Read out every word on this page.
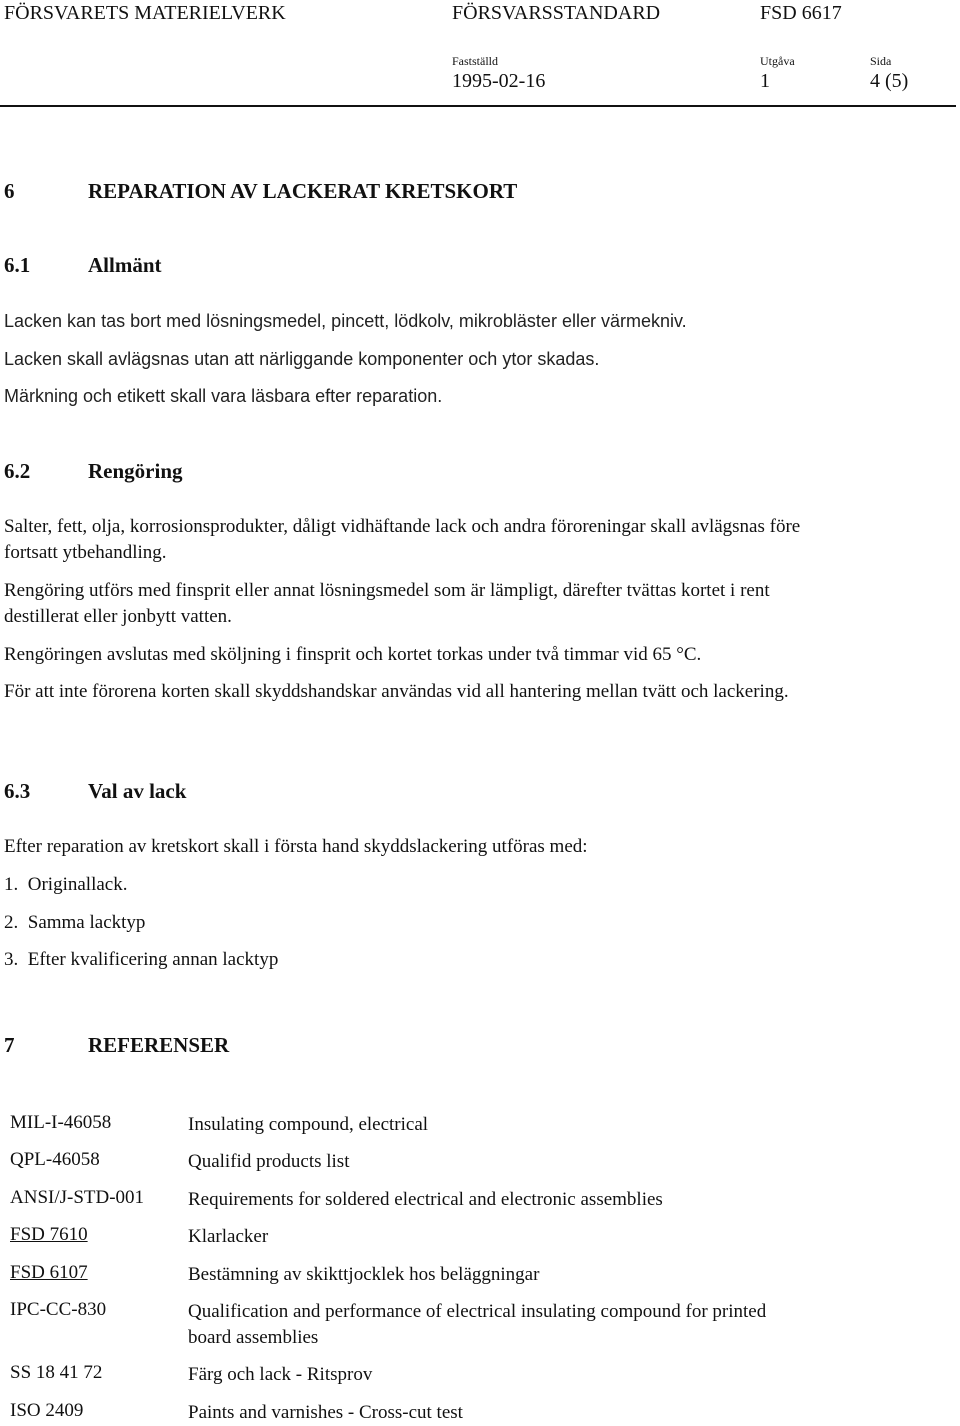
FÖRSVARETS MATERIELVERK	FÖRSVARSSTANDARD	FSD 6617
Fastställd	Utgåva	Sida
1995-02-16	1	4 (5)
6	REPARATION AV LACKERAT KRETSKORT
6.1	Allmänt
Lacken kan tas bort med lösningsmedel, pincett, lödkolv, mikrobläster eller värmekniv.
Lacken skall avlägsnas utan att närliggande komponenter och ytor skadas.
Märkning och etikett skall vara läsbara efter reparation.
6.2	Rengöring
Salter, fett, olja, korrosionsprodukter, dåligt vidhäftande lack och andra föroreningar skall avlägsnas före fortsatt ytbehandling.
Rengöring utförs med finsprit eller annat lösningsmedel som är lämpligt, därefter tvättas kortet i rent destillerat eller jonbytt vatten.
Rengöringen avslutas med sköljning i finsprit och kortet torkas under två timmar vid 65 °C.
För att inte förorena korten skall skyddshandskar användas vid all hantering mellan tvätt och lackering.
6.3	Val av lack
Efter reparation av kretskort skall i första hand skyddslackering utföras med:
1.  Originallack.
2.  Samma lacktyp
3.  Efter kvalificering annan lacktyp
7	REFERENSER
MIL-I-46058	Insulating compound, electrical
QPL-46058	Qualifid products list
ANSI/J-STD-001 Requirements for soldered electrical and electronic assemblies
FSD 7610	Klarlacker
FSD 6107	Bestämning av skikttjocklek hos beläggningar
IPC-CC-830	Qualification and performance of electrical insulating compound for printed board assemblies
SS 18 41 72	Färg och lack - Ritsprov
ISO 2409	Paints and varnishes - Cross-cut test
